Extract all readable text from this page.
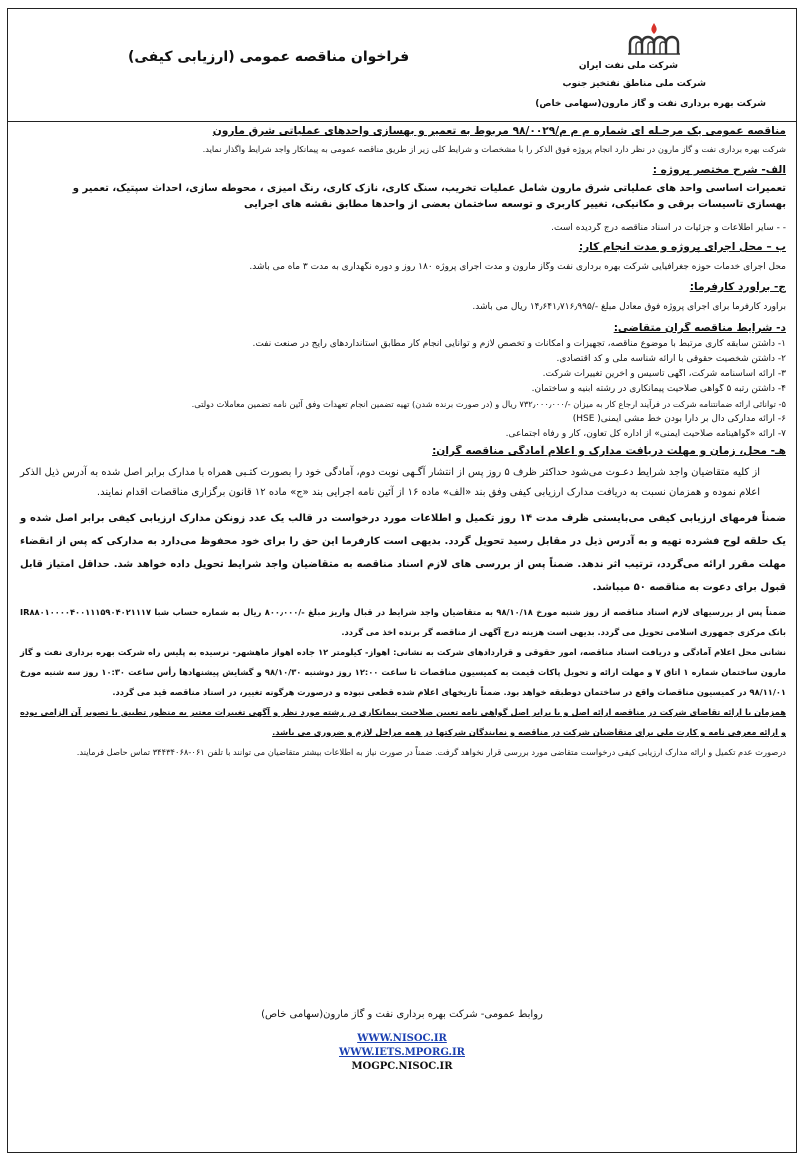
فراخوان مناقصه عمومی (ارزیابی کیفی)
شرکت ملی نفت ایران
شرکت ملی مناطق نفتخیز جنوب
شرکت بهره برداری نفت و گاز مارون(سهامی خاص)
مناقصه عمومی یک مرحـله ای شماره م م م/۹۸/۰۰۲۹ مربوط به تعمیر و بهسازی واحدهای عملیاتی شرق مارون
شرکت بهره برداری نفت و گاز مارون در نظر دارد انجام پروژه فوق الذکر را با مشخصات و شرایط کلی زیر از طریق مناقصه عمومی به پیمانکار واجد شرایط واگذار نماید.
الف- شرح مختصر پروژه :
تعمیرات اساسی واحد های عملیاتی شرق مارون شامل عملیات تخریب، سنگ کاری، نازک کاری، رنگ آمیزی ، محوطه سازی، احداث سپتیک، تعمیر و
بهسازی تاسیسات برقی و مکانیکی، تغییر کاربری و توسعه ساختمان بعضی از واحدها مطابق نقشه های اجرایی
- - سایر اطلاعات و جزئیات در اسناد مناقصه درج گردیده است.
ب – محل اجرای پروژه و مدت انجام کار:
محل اجرای خدمات حوزه جغرافیایی شرکت بهره برداری نفت وگاز مارون و مدت اجرای پروژه ۱۸۰ روز و دوره نگهداری به مدت ۳ ماه می باشد.
ج- برآورد کارفرما:
برآورد کارفرما برای اجرای پروژه فوق معادل مبلغ -/۱۴٫۶۴۱٫۷۱۶٫۹۹۵ ریال می باشد.
د- شرایط مناقصه گران متقاضی:
۱- داشتن سابقه کاری مرتبط با موضوع مناقصه، تجهیزات و امکانات و تخصص لازم و توانایی انجام کار مطابق استانداردهای رایج در صنعت نفت.
۲- داشتن شخصیت حقوقی با ارائه شناسه ملی و کد اقتصادی.
۳- ارائه اساسنامه شرکت، آگهی تاسیس و آخرین تغییرات شرکت.
۴- داشتن رتبه ۵ گواهی صلاحیت پیمانکاری در رشته ابنیه و ساختمان.
۵- توانائی ارائه ضمانتنامه شرکت در فرآیند ارجاع کار به میزان -/۷۳۲٫۰۰۰٫۰۰۰ ریال و (در صورت برنده شدن) تهیه تضمین انجام تعهدات وفق آئین نامه تضمین معاملات دولتی.
۶- ارائه مدارکی دال بر دارا بودن خط مشی ایمنی( HSE)
۷- ارائه «گواهینامه صلاحیت ایمنی» از اداره کل تعاون، کار و رفاه اجتماعی.
هـ- محل، زمان و مهلت دریافت مدارک و اعلام آمادگی مناقصه گران:
از کلیه متقاضیان واجد شرایط دعـوت می‌شود حداکثر ظرف ۵ روز پس از انتشار آگـهی نوبت دوم، آمادگی خود را بصورت کتـبی همراه با مدارک برابر اصل شده به آدرس ذیل الذکر اعلام نموده و همزمان نسبت به دریافت مدارک ارزیابی کیفی وفق بند «الف» ماده ۱۶ از آئین نامه اجرایی بند «ج» ماده ۱۲ قانون برگزاری مناقصات اقدام نمایند.
ضمناً فرمهای ارزیابی کیفی می‌بایستی ظرف مدت ۱۴ روز تکمیل و اطلاعات مورد درخواست در قالب یک عدد زونکن مدارک ارزیابی کیفی برابر اصل شده و یک حلقه لوح فشرده تهیه و به آدرس ذیل در مقابل رسید تحویل گردد. بدیهی است کارفرما این حق را برای خود محفوظ می‌دارد به مدارکی که پس از انقضاء مهلت مقرر ارائه می‌گردد، ترتیب اثر ندهد. ضمناً پس از بررسی های لازم اسناد مناقصه به متقاضیان واجد شرایط تحویل داده خواهد شد. حداقل امتیاز قابل قبول برای دعوت به مناقصه ۵۰ میباشد.
ضمناً پس از بررسیهای لازم اسناد مناقصه از روز شنبه مورخ ۹۸/۱۰/۱۸ به متقاضیان واجد شرایط در قبال واریز مبلغ -/۸۰۰٫۰۰۰ ریال به شماره حساب شبا IR۸۸۰۱۰۰۰۰۴۰۰۱۱۱۵۹۰۴۰۲۱۱۱۷ بانک مرکزی جمهوری اسلامی تحویل می گردد. بدیهی است هزینه درج آگهی از مناقصه گر برنده اخذ می گردد.
نشانی محل اعلام آمادگی و دریافت اسناد مناقصه، امور حقوقی و قراردادهای شرکت به نشانی: اهواز- کیلومتر ۱۲ جاده اهواز ماهشهر- نرسیده به پلیس راه شرکت بهره برداری نفت و گاز مارون ساختمان شماره ۱ اتاق ۷ و مهلت ارائه و تحویل پاکات قیمت به کمیسیون مناقصات تا ساعت ۱۲:۰۰ روز دوشنبه ۹۸/۱۰/۳۰ و گشایش پیشنهادها رأس ساعت ۱۰:۳۰ روز سه شنبه مورخ ۹۸/۱۱/۰۱ در کمیسیون مناقصات واقع در ساختمان دوطبقه خواهد بود. ضمناً تاریخهای اعلام شده قطعی نبوده و درصورت هرگونه تغییر، در اسناد مناقصه قید می گردد.
همزمان با ارائه تقاضای شرکت در مناقصه ارائه اصل و یا برابر اصل گواهی نامه تعیین صلاحیت پیمانکاری در رشته مورد نظر و آگهی تغییرات معتبر به منظور تطبیق با تصویر آن الزامی بوده و ارائه معرفی نامه و کارت ملی برای متقاضیان شرکت در مناقصه و نمایندگان شرکتها در همه مراحل لازم و ضروری می باشد.
درصورت عدم تکمیل و ارائه مدارک ارزیابی کیفی درخواست متقاضی مورد بررسی قرار نخواهد گرفت. ضمناً در صورت نیاز به اطلاعات بیشتر متقاضیان می توانند با تلفن ۰۶۱-۳۴۴۳۴۰۶۸ تماس حاصل فرمایند.
روابط عمومی- شرکت بهره برداری نفت و گاز مارون(سهامی خاص)
WWW.NISOC.IR
WWW.IETS.MPORG.IR
MOGPC.NISOC.IR
